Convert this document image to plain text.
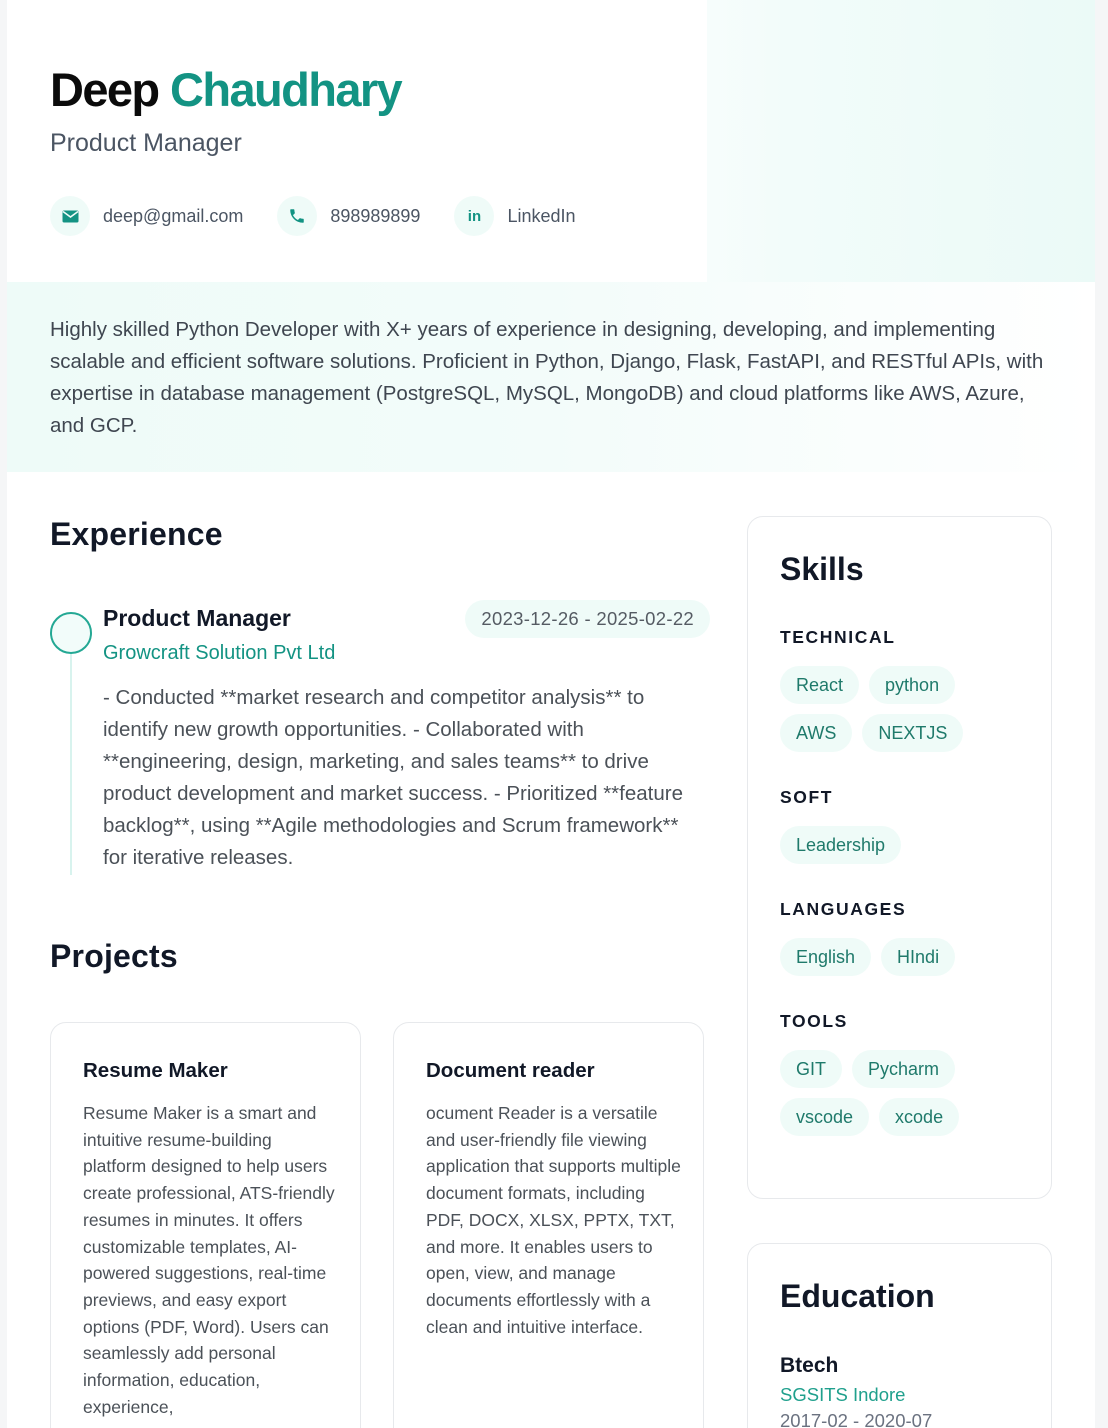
Deep Chaudhary
Product Manager
deep@gmail.com	898989899	in	LinkedIn

Highly skilled Python Developer with X+ years of experience in designing, developing, and implementing scalable and efficient software solutions. Proficient in Python, Django, Flask, FastAPI, and RESTful APIs, with expertise in database management (PostgreSQL, MySQL, MongoDB) and cloud platforms like AWS, Azure, and GCP.

Experience
Product Manager
Growcraft Solution Pvt Ltd
2023-12-26 - 2025-02-22

- Conducted **market research and competitor analysis** to identify new growth opportunities. - Collaborated with **engineering, design, marketing, and sales teams** to drive product development and market success. - Prioritized **feature backlog**, using **Agile methodologies and Scrum framework** for iterative releases.

Projects
Resume Maker

Resume Maker is a smart and intuitive resume-building platform designed to help users create professional, ATS-friendly resumes in minutes. It offers customizable templates, AI-powered suggestions, real-time previews, and easy export options (PDF, Word). Users can seamlessly add personal information, education, experience,

Document reader

ocument Reader is a versatile and user-friendly file viewing application that supports multiple document formats, including PDF, DOCX, XLSX, PPTX, TXT, and more. It enables users to open, view, and manage documents effortlessly with a clean and intuitive interface.

Skills
TECHNICAL
React	python
AWS	NEXTJS
SOFT
Leadership
LANGUAGES
English	HIndi
TOOLS
GIT	Pycharm
vscode	xcode
Education
Btech
SGSITS Indore
2017-02 - 2020-07
